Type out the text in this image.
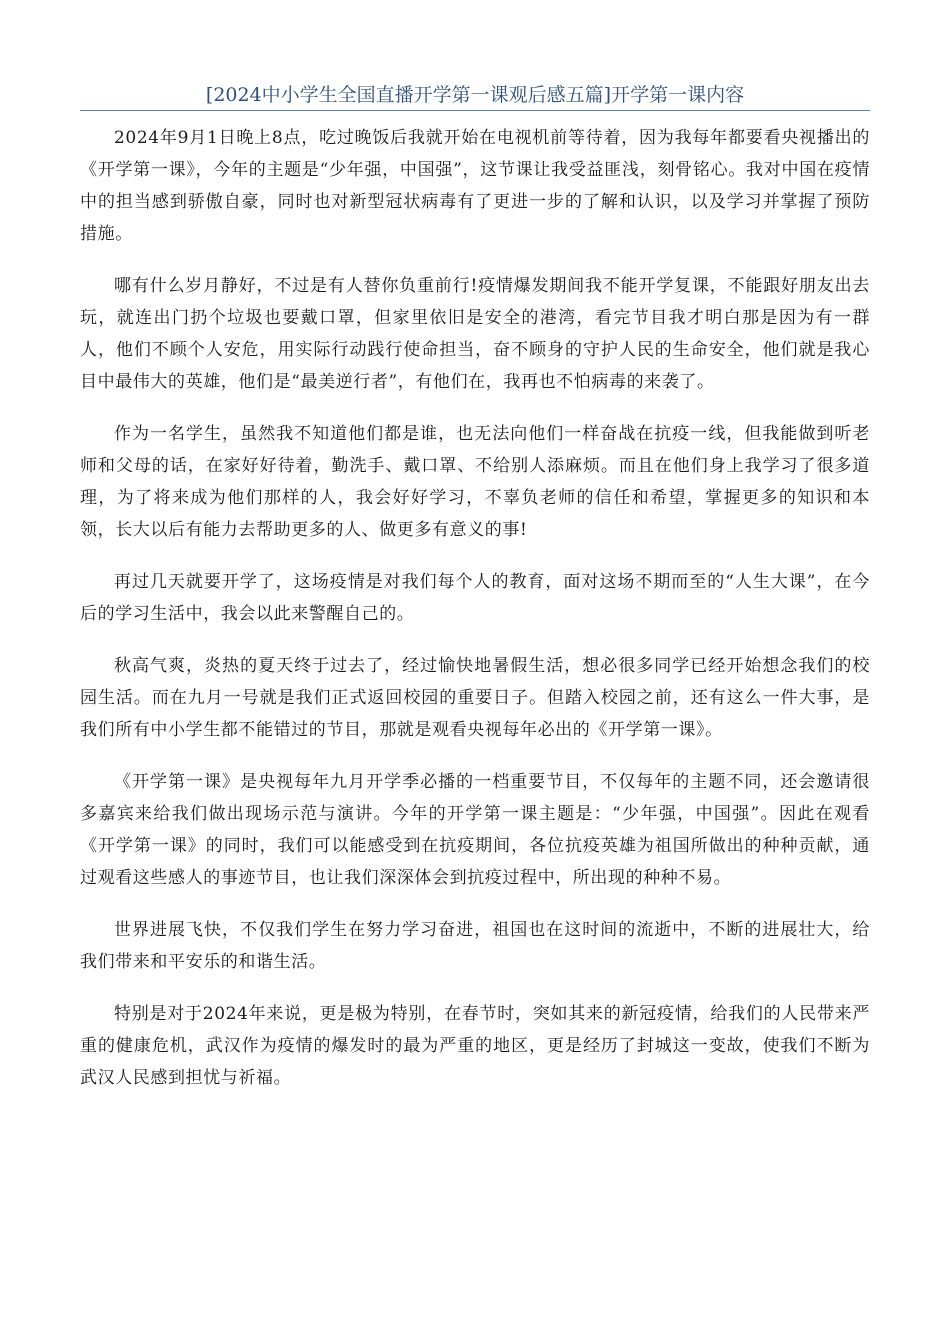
[2024中小学生全国直播开学第一课观后感五篇]开学第一课内容

2024年9月1日晚上8点，吃过晚饭后我就开始在电视机前等待着，因为我每年都要看央视播出的《开学第一课》，今年的主题是“少年强，中国强”，这节课让我受益匪浅，刻骨铭心。我对中国在疫情中的担当感到骄傲自豪，同时也对新型冠状病毒有了更进一步的了解和认识，以及学习并掌握了预防措施。

哪有什么岁月静好，不过是有人替你负重前行!疫情爆发期间我不能开学复课，不能跟好朋友出去玩，就连出门扔个垃圾也要戴口罩，但家里依旧是安全的港湾，看完节目我才明白那是因为有一群人，他们不顾个人安危，用实际行动践行使命担当，奋不顾身的守护人民的生命安全，他们就是我心目中最伟大的英雄，他们是“最美逆行者”，有他们在，我再也不怕病毒的来袭了。

作为一名学生，虽然我不知道他们都是谁，也无法向他们一样奋战在抗疫一线，但我能做到听老师和父母的话，在家好好待着，勤洗手、戴口罩、不给别人添麻烦。而且在他们身上我学习了很多道理，为了将来成为他们那样的人，我会好好学习，不辜负老师的信任和希望，掌握更多的知识和本领，长大以后有能力去帮助更多的人、做更多有意义的事!

再过几天就要开学了，这场疫情是对我们每个人的教育，面对这场不期而至的“人生大课”，在今后的学习生活中，我会以此来警醒自己的。

秋高气爽，炎热的夏天终于过去了，经过愉快地暑假生活，想必很多同学已经开始想念我们的校园生活。而在九月一号就是我们正式返回校园的重要日子。但踏入校园之前，还有这么一件大事，是我们所有中小学生都不能错过的节目，那就是观看央视每年必出的《开学第一课》。

《开学第一课》是央视每年九月开学季必播的一档重要节目，不仅每年的主题不同，还会邀请很多嘉宾来给我们做出现场示范与演讲。今年的开学第一课主题是：“少年强，中国强”。因此在观看《开学第一课》的同时，我们可以能感受到在抗疫期间，各位抗疫英雄为祖国所做出的种种贡献，通过观看这些感人的事迹节目，也让我们深深体会到抗疫过程中，所出现的种种不易。

世界进展飞快，不仅我们学生在努力学习奋进，祖国也在这时间的流逝中，不断的进展壮大，给我们带来和平安乐的和谐生活。

特别是对于2024年来说，更是极为特别，在春节时，突如其来的新冠疫情，给我们的人民带来严重的健康危机，武汉作为疫情的爆发时的最为严重的地区，更是经历了封城这一变故，使我们不断为武汉人民感到担忧与祈福。
